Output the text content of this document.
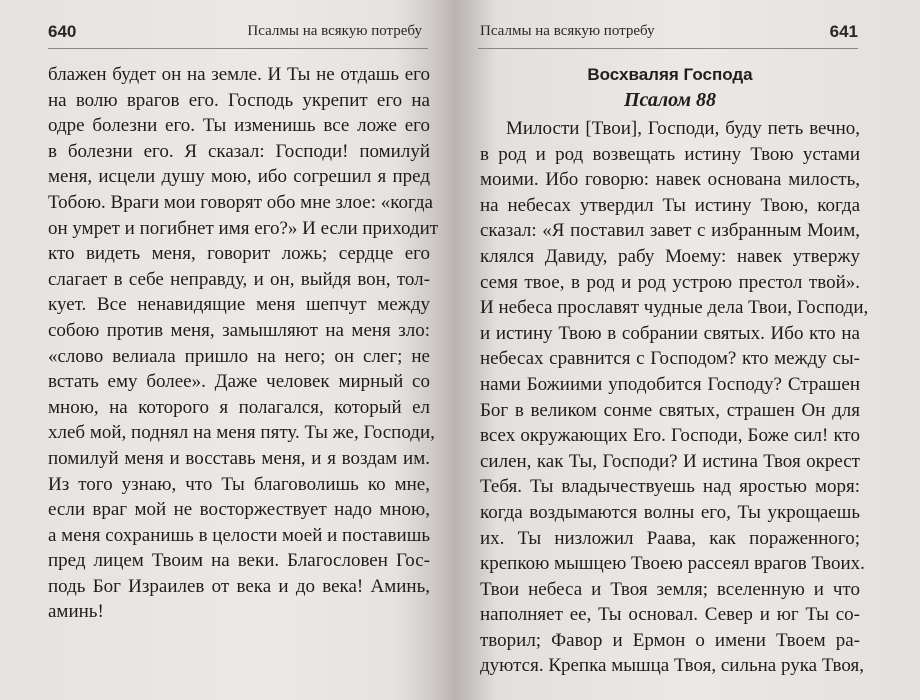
640	Псалмы на всякую потребу
блажен будет он на земле. И Ты не отдашь его
на волю врагов его. Господь укрепит его на
одре болезни его. Ты изменишь все ложе его
в болезни его. Я сказал: Господи! помилуй
меня, исцели душу мою, ибо согрешил я пред
Тобою. Враги мои говорят обо мне злое: «когда
он умрет и погибнет имя его?» И если приходит
кто видеть меня, говорит ложь; сердце его
слагает в себе неправду, и он, выйдя вон, тол-
кует. Все ненавидящие меня шепчут между
собою против меня, замышляют на меня зло:
«слово велиала пришло на него; он слег; не
встать ему более». Даже человек мирный со
мною, на которого я полагался, который ел
хлеб мой, поднял на меня пяту. Ты же, Господи,
помилуй меня и восставь меня, и я воздам им.
Из того узнаю, что Ты благоволишь ко мне,
если враг мой не восторжествует надо мною,
а меня сохранишь в целости моей и поставишь
пред лицем Твоим на веки. Благословен Гос-
подь Бог Израилев от века и до века! Аминь,
аминь!
Псалмы на всякую потребу	641
Восхваляя Господа
Псалом 88
Милости [Твои], Господи, буду петь вечно,
в род и род возвещать истину Твою устами
моими. Ибо говорю: навек основана милость,
на небесах утвердил Ты истину Твою, когда
сказал: «Я поставил завет с избранным Моим,
клялся Давиду, рабу Моему: навек утвержу
семя твое, в род и род устрою престол твой».
И небеса прославят чудные дела Твои, Господи,
и истину Твою в собрании святых. Ибо кто на
небесах сравнится с Господом? кто между сы-
нами Божиими уподобится Господу? Страшен
Бог в великом сонме святых, страшен Он для
всех окружающих Его. Господи, Боже сил! кто
силен, как Ты, Господи? И истина Твоя окрест
Тебя. Ты владычествуешь над яростью моря:
когда воздымаются волны его, Ты укрощаешь
их. Ты низложил Раава, как пораженного;
крепкою мышцею Твоею рассеял врагов Твоих.
Твои небеса и Твоя земля; вселенную и что
наполняет ее, Ты основал. Север и юг Ты со-
творил; Фавор и Ермон о имени Твоем ра-
дуются. Крепка мышца Твоя, сильна рука Твоя,
